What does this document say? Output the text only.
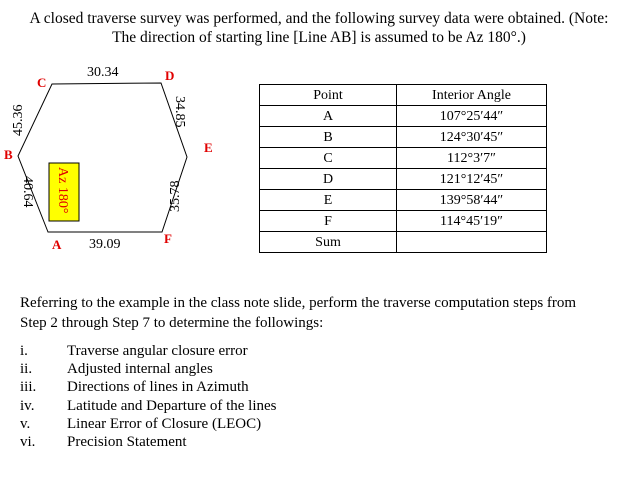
A closed traverse survey was performed, and the following survey data were obtained. (Note:
The direction of starting line [Line AB] is assumed to be Az 180°.)

A
B
C	D
E
F
30.34
39.09
45.36
40.64
34.85
35.78
Az 180°
Point	Interior Angle
A	107°25′44″
B	124°30′45″
C	112°3′7″
D	121°12′45″
E	139°58′44″
F	114°45′19″
Sum	

Referring to the example in the class note slide, perform the traverse computation steps from
Step 2 through Step 7 to determine the followings:

i.	Traverse angular closure error
ii. Adjusted internal angles
iii. Directions of lines in Azimuth
iv. Latitude and Departure of the lines
v. Linear Error of Closure (LEOC)
vi. Precision Statement
